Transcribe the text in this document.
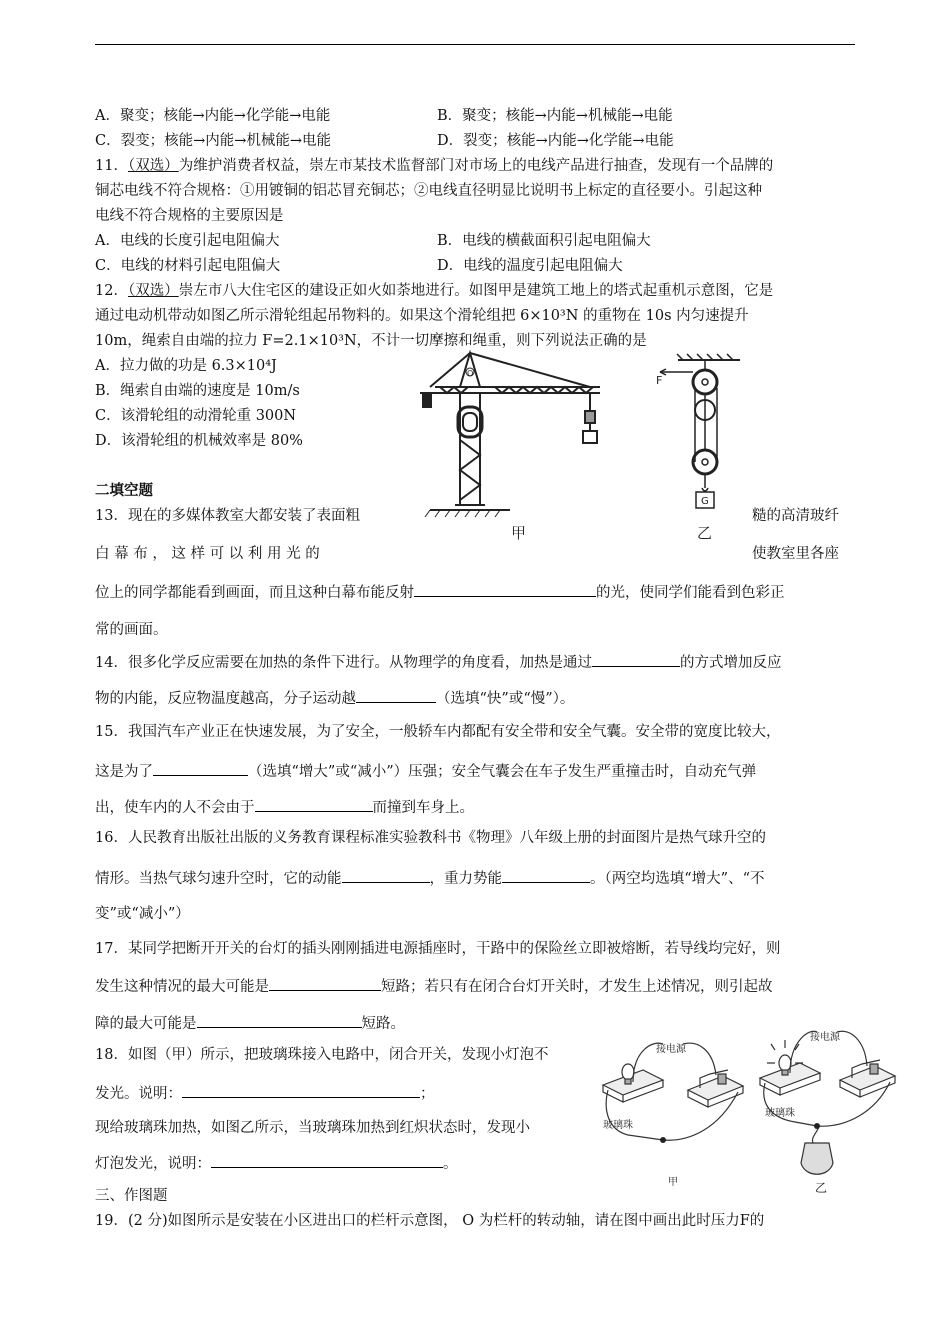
A．聚变；核能→内能→化学能→电能	B．聚变；核能→内能→机械能→电能
C．裂变；核能→内能→机械能→电能	D．裂变；核能→内能→化学能→电能
11．（双选）为维护消费者权益，崇左市某技术监督部门对市场上的电线产品进行抽查，发现有一个品牌的
铜芯电线不符合规格：①用镀铜的铝芯冒充铜芯；②电线直径明显比说明书上标定的直径要小。引起这种
电线不符合规格的主要原因是
A．电线的长度引起电阻偏大	B．电线的横截面积引起电阻偏大
C．电线的材料引起电阻偏大	D．电线的温度引起电阻偏大
12．（双选）崇左市八大住宅区的建设正如火如荼地进行。如图甲是建筑工地上的塔式起重机示意图，它是
通过电动机带动如图乙所示滑轮组起吊物料的。如果这个滑轮组把 6×10³N 的重物在 10s 内匀速提升
10m，绳索自由端的拉力 F=2.1×10³N，不计一切摩擦和绳重，则下列说法正确的是
A．拉力做的功是 6.3×10⁴J
B．绳索自由端的速度是 10m/s
C．该滑轮组的动滑轮重 300N
D．该滑轮组的机械效率是 80%
O
甲
F
G
乙
二填空题
13．现在的多媒体教室大都安装了表面粗	糙的高清玻纤
白 幕 布 ， 这 样 可 以 利 用 光 的	使教室里各座
位上的同学都能看到画面，而且这种白幕布能反射	的光，使同学们能看到色彩正
常的画面。
14．很多化学反应需要在加热的条件下进行。从物理学的角度看，加热是通过	的方式增加反应
物的内能，反应物温度越高，分子运动越	（选填“快”或“慢”）。
15．我国汽车产业正在快速发展，为了安全，一般轿车内都配有安全带和安全气囊。安全带的宽度比较大，
这是为了	（选填“增大”或“减小”）压强；安全气囊会在车子发生严重撞击时，自动充气弹
出，使车内的人不会由于	而撞到车身上。
16．人民教育出版社出版的义务教育课程标准实验教科书《物理》八年级上册的封面图片是热气球升空的
情形。当热气球匀速升空时，它的动能	，重力势能	。（两空均选填“增大”、“不
变”或“减小”）
17．某同学把断开开关的台灯的插头刚刚插进电源插座时，干路中的保险丝立即被熔断，若导线均完好，则
发生这种情况的最大可能是	短路；若只有在闭合台灯开关时，才发生上述情况，则引起故
障的最大可能是	短路。
18．如图（甲）所示，把玻璃珠接入电路中，闭合开关，发现小灯泡不
发光。说明：	；
现给玻璃珠加热，如图乙所示，当玻璃珠加热到红炽状态时，发现小
灯泡发光，说明：	。
接电源
玻璃珠
甲
接电源
玻璃珠
乙
三、作图题
19．(2 分)如图所示是安装在小区进出口的栏杆示意图， O 为栏杆的转动轴，请在图中画出此时压力F的
